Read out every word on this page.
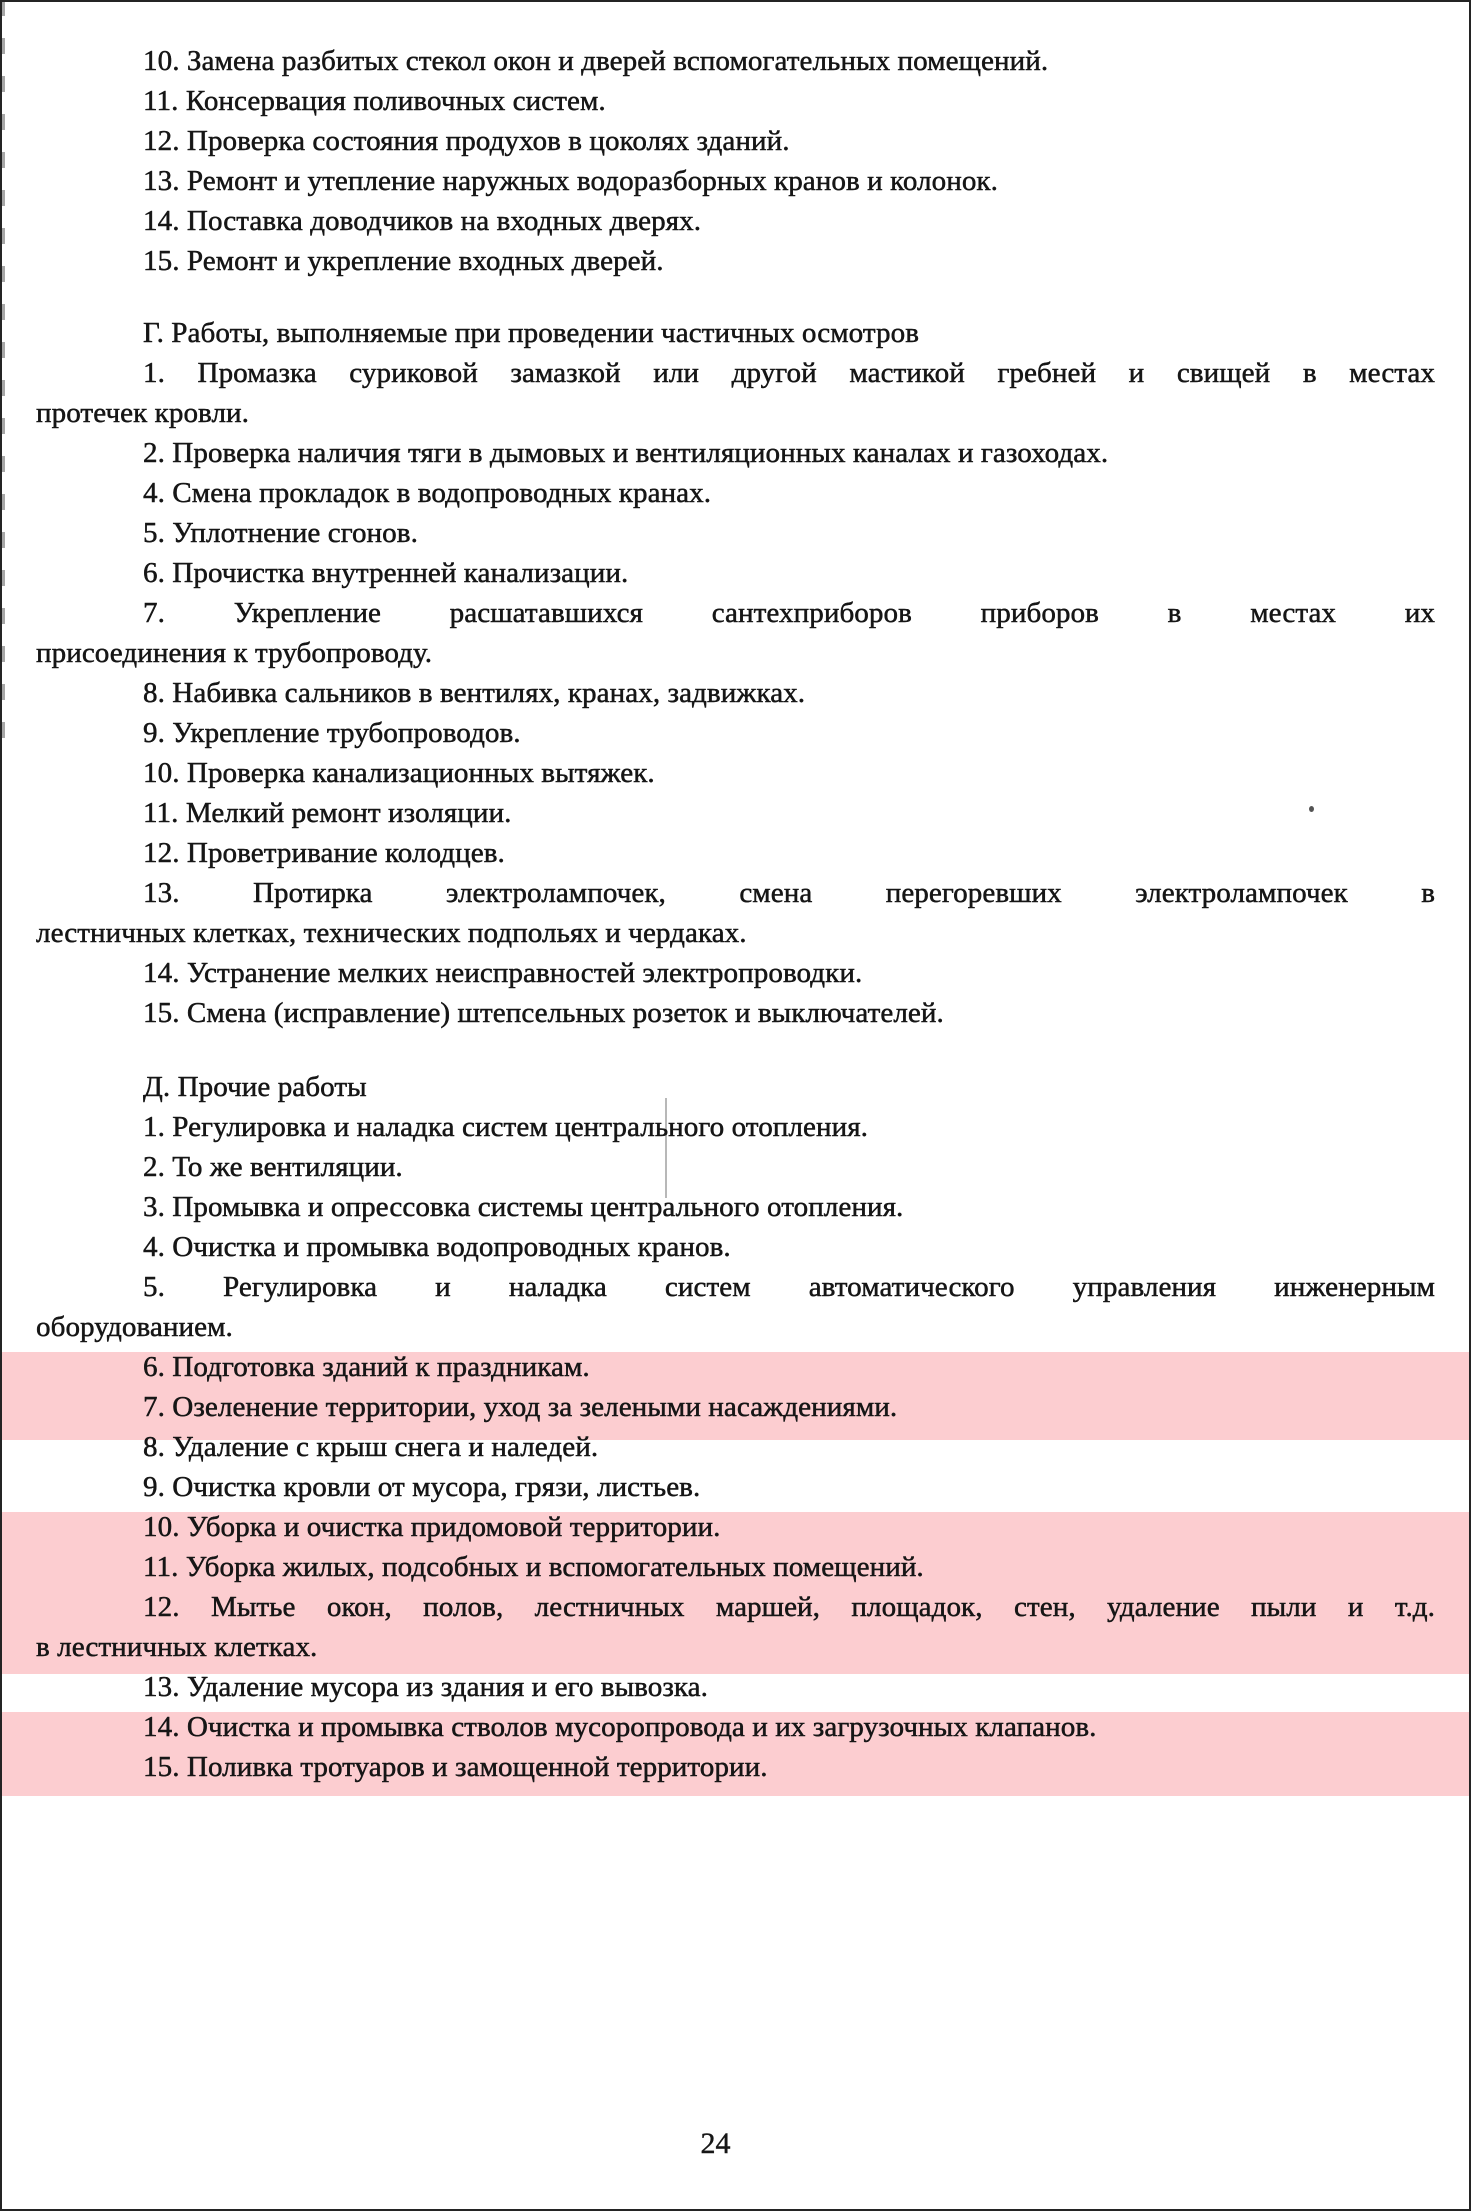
10. Замена разбитых стекол окон и дверей вспомогательных помещений.

11. Консервация поливочных систем.

12. Проверка состояния продухов в цоколях зданий.

13. Ремонт и утепление наружных водоразборных кранов и колонок.

14. Поставка доводчиков на входных дверях.

15. Ремонт и укрепление входных дверей.

Г. Работы, выполняемые при проведении частичных осмотров

1. Промазка суриковой замазкой или другой мастикой гребней и свищей в местах

протечек кровли.

2. Проверка наличия тяги в дымовых и вентиляционных каналах и газоходах.

4. Смена прокладок в водопроводных кранах.

5. Уплотнение сгонов.

6. Прочистка внутренней канализации.

7. Укрепление расшатавшихся сантехприборов приборов в местах их

присоединения к трубопроводу.

8. Набивка сальников в вентилях, кранах, задвижках.

9. Укрепление трубопроводов.

10. Проверка канализационных вытяжек.

11. Мелкий ремонт изоляции.

12. Проветривание колодцев.

13. Протирка электролампочек, смена перегоревших электролампочек в

лестничных клетках, технических подпольях и чердаках.

14. Устранение мелких неисправностей электропроводки.

15. Смена (исправление) штепсельных розеток и выключателей.

Д. Прочие работы

1. Регулировка и наладка систем центрального отопления.

2. То же вентиляции.

3. Промывка и опрессовка системы центрального отопления.

4. Очистка и промывка водопроводных кранов.

5. Регулировка и наладка систем автоматического управления инженерным

оборудованием.

6. Подготовка зданий к праздникам.

7. Озеленение территории, уход за зелеными насаждениями.

8. Удаление с крыш снега и наледей.

9. Очистка кровли от мусора, грязи, листьев.

10. Уборка и очистка придомовой территории.

11. Уборка жилых, подсобных и вспомогательных помещений.

12. Мытье окон, полов, лестничных маршей, площадок, стен, удаление пыли и т.д.

в лестничных клетках.

13. Удаление мусора из здания и его вывозка.

14. Очистка и промывка стволов мусоропровода и их загрузочных клапанов.

15. Поливка тротуаров и замощенной территории.

24
